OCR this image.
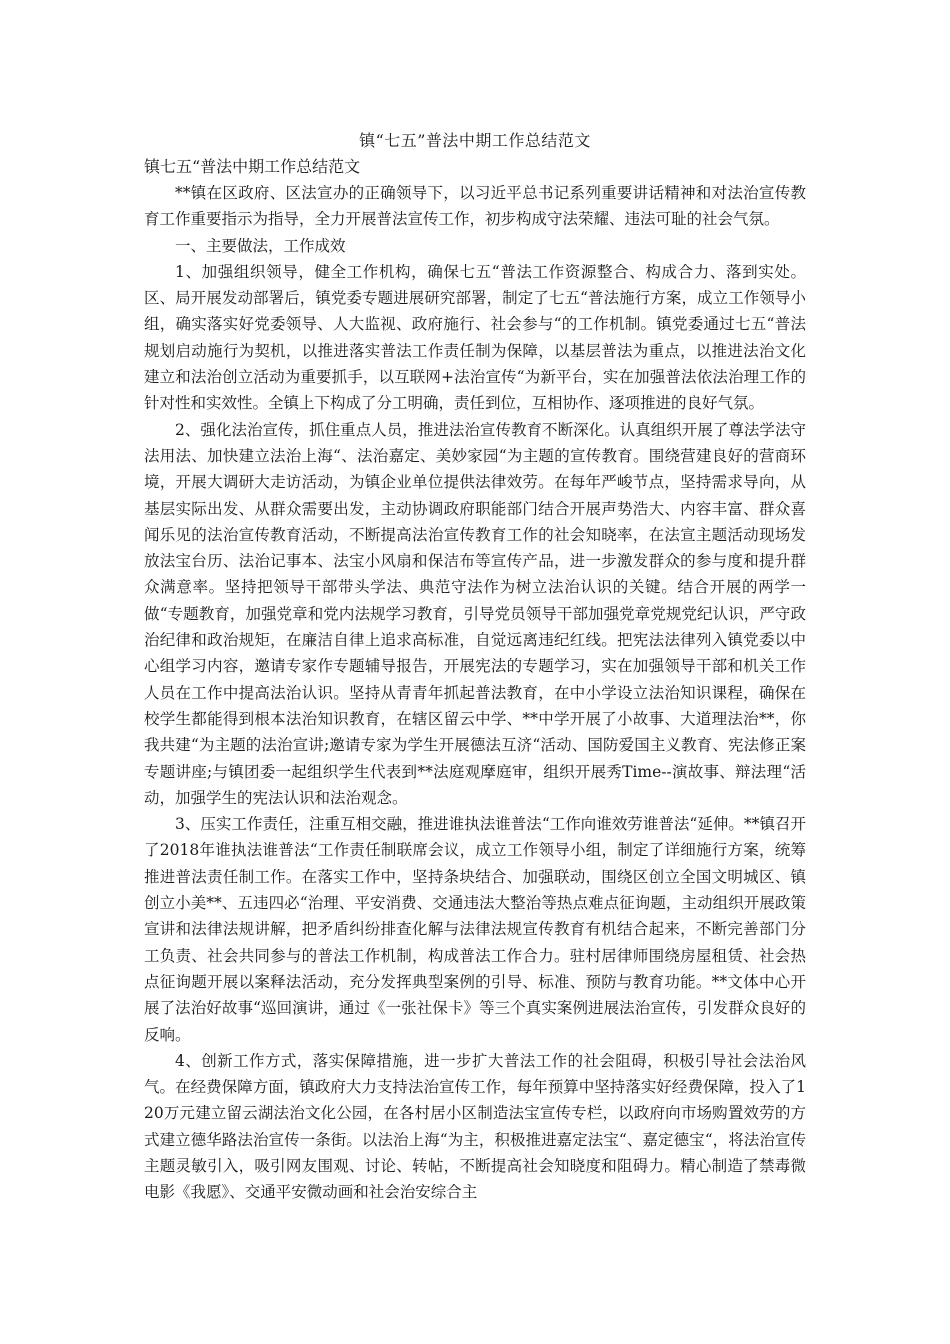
镇“七五”普法中期工作总结范文
镇七五“普法中期工作总结范文

**镇在区政府、区法宣办的正确领导下，以习近平总书记系列重要讲话精神和对法治宣传教育工作重要指示为指导，全力开展普法宣传工作，初步构成守法荣耀、违法可耻的社会气氛。

一、主要做法，工作成效

1、加强组织领导，健全工作机构，确保七五“普法工作资源整合、构成合力、落到实处。区、局开展发动部署后，镇党委专题进展研究部署，制定了七五“普法施行方案，成立工作领导小组，确实落实好党委领导、人大监视、政府施行、社会参与“的工作机制。镇党委通过七五“普法规划启动施行为契机，以推进落实普法工作责任制为保障，以基层普法为重点，以推进法治文化建立和法治创立活动为重要抓手，以互联网+法治宣传“为新平台，实在加强普法依法治理工作的针对性和实效性。全镇上下构成了分工明确，责任到位，互相协作、逐项推进的良好气氛。

2、强化法治宣传，抓住重点人员，推进法治宣传教育不断深化。认真组织开展了尊法学法守法用法、加快建立法治上海“、法治嘉定、美妙家园“为主题的宣传教育。围绕营建良好的营商环境，开展大调研大走访活动，为镇企业单位提供法律效劳。在每年严峻节点，坚持需求导向，从基层实际出发、从群众需要出发，主动协调政府职能部门结合开展声势浩大、内容丰富、群众喜闻乐见的法治宣传教育活动，不断提高法治宣传教育工作的社会知晓率，在法宣主题活动现场发放法宝台历、法治记事本、法宝小风扇和保洁布等宣传产品，进一步激发群众的参与度和提升群众满意率。坚持把领导干部带头学法、典范守法作为树立法治认识的关键。结合开展的两学一做“专题教育，加强党章和党内法规学习教育，引导党员领导干部加强党章党规党纪认识，严守政治纪律和政治规矩，在廉洁自律上追求高标准，自觉远离违纪红线。把宪法法律列入镇党委以中心组学习内容，邀请专家作专题辅导报告，开展宪法的专题学习，实在加强领导干部和机关工作人员在工作中提高法治认识。坚持从青青年抓起普法教育，在中小学设立法治知识课程，确保在校学生都能得到根本法治知识教育，在辖区留云中学、**中学开展了小故事、大道理法治**，你我共建“为主题的法治宣讲;邀请专家为学生开展德法互济“活动、国防爱国主义教育、宪法修正案专题讲座;与镇团委一起组织学生代表到**法庭观摩庭审，组织开展秀Time--演故事、辩法理“活动，加强学生的宪法认识和法治观念。

3、压实工作责任，注重互相交融，推进谁执法谁普法“工作向谁效劳谁普法“延伸。**镇召开了2018年谁执法谁普法“工作责任制联席会议，成立工作领导小组，制定了详细施行方案，统筹推进普法责任制工作。在落实工作中，坚持条块结合、加强联动，围绕区创立全国文明城区、镇创立小美**、五违四必“治理、平安消费、交通违法大整治等热点难点征询题，主动组织开展政策宣讲和法律法规讲解，把矛盾纠纷排查化解与法律法规宣传教育有机结合起来，不断完善部门分工负责、社会共同参与的普法工作机制，构成普法工作合力。驻村居律师围绕房屋租赁、社会热点征询题开展以案释法活动，充分发挥典型案例的引导、标准、预防与教育功能。**文体中心开展了法治好故事“巡回演讲，通过《一张社保卡》等三个真实案例进展法治宣传，引发群众良好的反响。

4、创新工作方式，落实保障措施，进一步扩大普法工作的社会阻碍，积极引导社会法治风气。在经费保障方面，镇政府大力支持法治宣传工作，每年预算中坚持落实好经费保障，投入了120万元建立留云湖法治文化公园，在各村居小区制造法宝宣传专栏，以政府向市场购置效劳的方式建立德华路法治宣传一条街。以法治上海“为主，积极推进嘉定法宝“、嘉定德宝“，将法治宣传主题灵敏引入，吸引网友围观、讨论、转帖，不断提高社会知晓度和阻碍力。精心制造了禁毒微电影《我愿》、交通平安微动画和社会治安综合主
